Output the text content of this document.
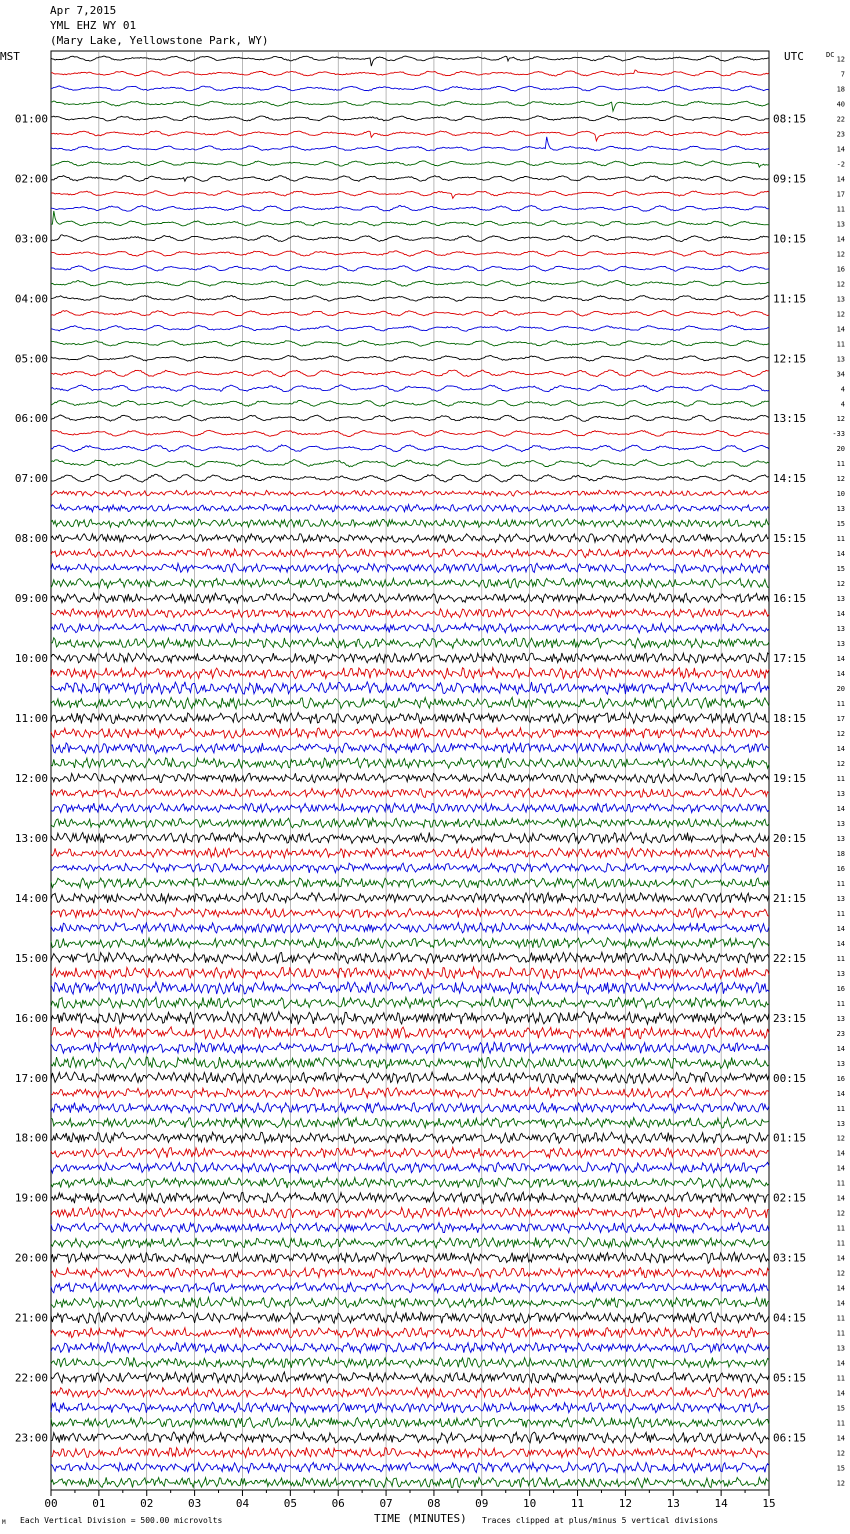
Apr 7,2015
YML EHZ WY 01
(Mary Lake, Yellowstone Park, WY)
MST	UTC	DC
12
7
18
40
22
23
14
-2
14
17
11
13
14
12
16
12
13
12
14
11
13
34
4
4
12
-33
20
11
12
10
13
15
11
14
15
12
13
14
13
13
14
14
20
11
17
12
14
12
11
13
14
13
13
18
16
11
13
11
14
14
11
13
16
11
13
23
14
13
16
14
11
13
12
14
14
11
14
12
11
11
14
12
14
14
11
11
13
14
11
14
15
11
14
12
15
12
01:00
02:00
03:00
04:00
05:00
06:00
07:00
08:00
09:00
10:00
11:00
12:00
13:00
14:00
15:00
16:00
17:00
18:00
19:00
20:00
21:00
22:00
23:00
08:15
09:15
10:15
11:15
12:15
13:15
14:15
15:15
16:15
17:15
18:15
19:15
20:15
21:15
22:15
23:15
00:15
01:15
02:15
03:15
04:15
05:15
06:15
00	01	02	03	04	05	06	07	08	09	10	11	12	13	14	15
M Each Vertical Division = 500.00 microvolts	TIME (MINUTES) Traces clipped at plus/minus 5 vertical divisions
